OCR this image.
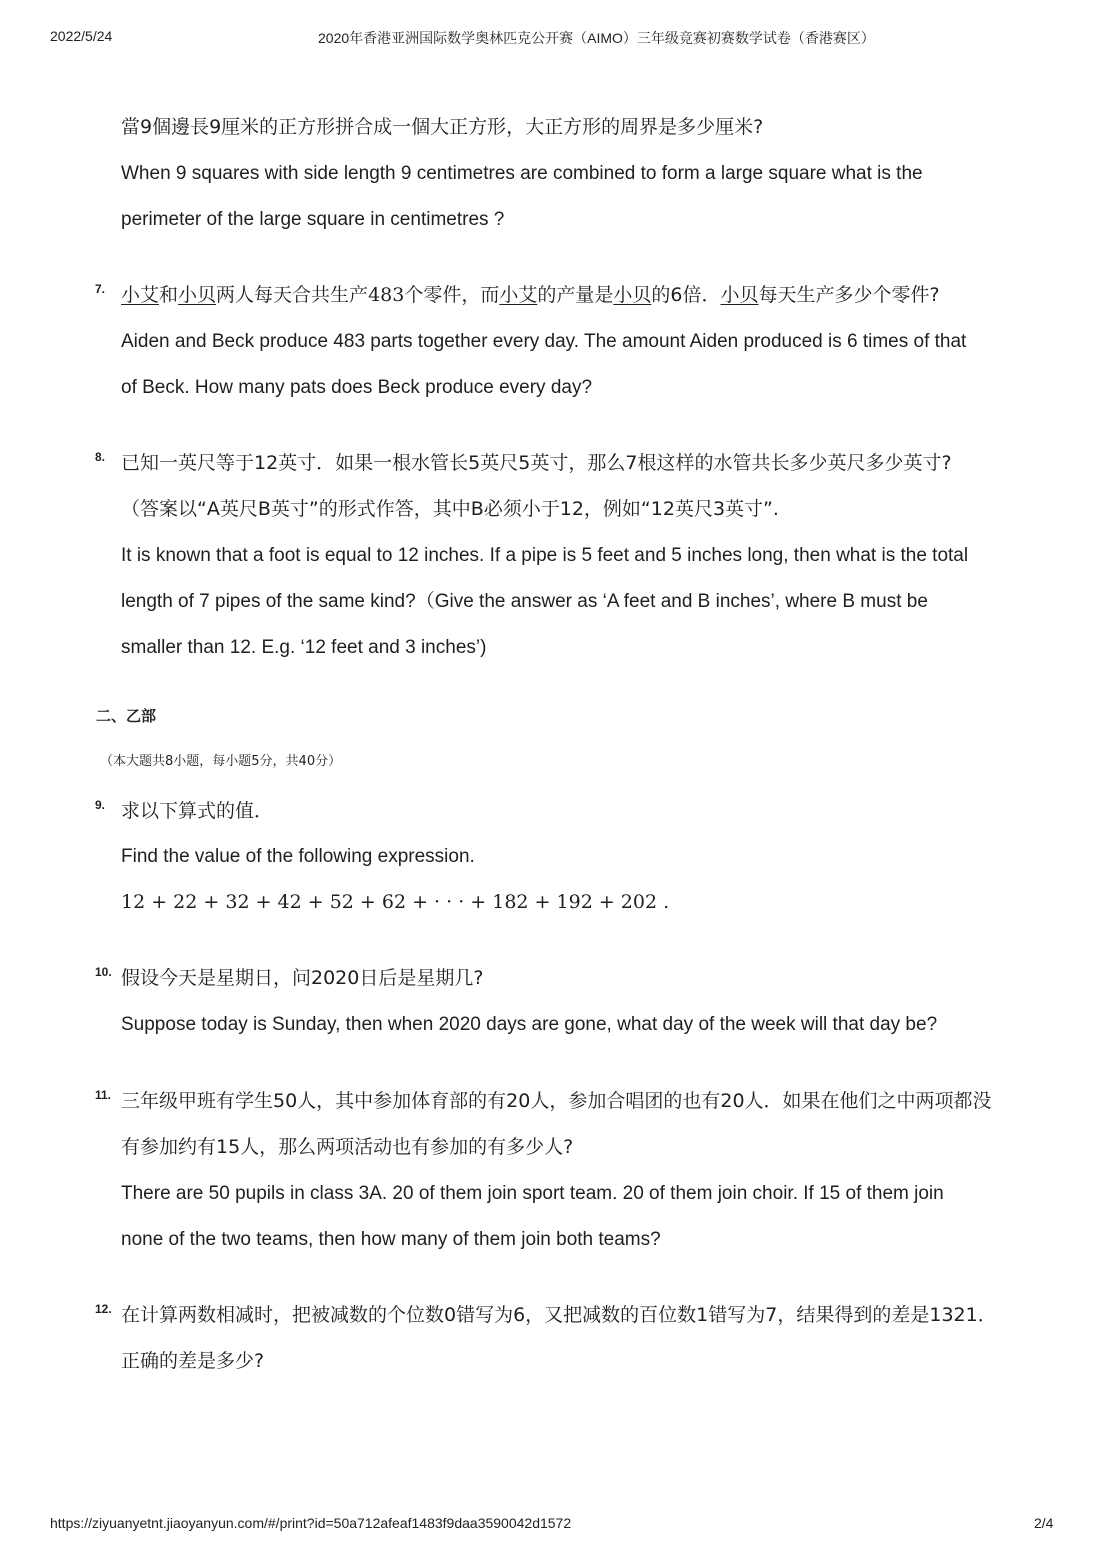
2022/5/24	2020年香港亚洲国际数学奥林匹克公开赛（AIMO）三年级竞赛初赛数学试卷（香港赛区）
當9個邊長9厘米的正方形拼合成一個大正方形，大正方形的周界是多少厘米?
When 9 squares with side length 9 centimetres are combined to form a large square what is the
perimeter of the large square in centimetres ?
7. 小艾和小贝两人每天合共生产483个零件，而小艾的产量是小贝的6倍．小贝每天生产多少个零件?
Aiden and Beck produce 483 parts together every day. The amount Aiden produced is 6 times of that
of Beck. How many pats does Beck produce every day?
8. 已知一英尺等于12英寸．如果一根水管长5英尺5英寸，那么7根这样的水管共长多少英尺多少英寸?
（答案以“A英尺B英寸”的形式作答，其中B必须小于12，例如“12英尺3英寸”.
It is known that a foot is equal to 12 inches. If a pipe is 5 feet and 5 inches long, then what is the total
length of 7 pipes of the same kind?（Give the answer as ‘A feet and B inches’, where B must be
smaller than 12. E.g. ‘12 feet and 3 inches’)
二、乙部
（本大题共8小题，每小题5分，共40分）
9. 求以下算式的值．
Find the value of the following expression.
12 + 22 + 32 + 42 + 52 + 62 + · · · + 182 + 192 + 202 .
10. 假设今天是星期日，问2020日后是星期几?
Suppose today is Sunday, then when 2020 days are gone, what day of the week will that day be?
11. 三年级甲班有学生50人，其中参加体育部的有20人，参加合唱团的也有20人．如果在他们之中两项都没
有参加约有15人，那么两项活动也有参加的有多少人?
There are 50 pupils in class 3A. 20 of them join sport team. 20 of them join choir. If 15 of them join
none of the two teams, then how many of them join both teams?
12. 在计算两数相减时，把被减数的个位数0错写为6，又把减数的百位数1错写为7，结果得到的差是1321．
正确的差是多少?
https://ziyuanyetnt.jiaoyanyun.com/#/print?id=50a712afeaf1483f9daa3590042d1572	2/4
